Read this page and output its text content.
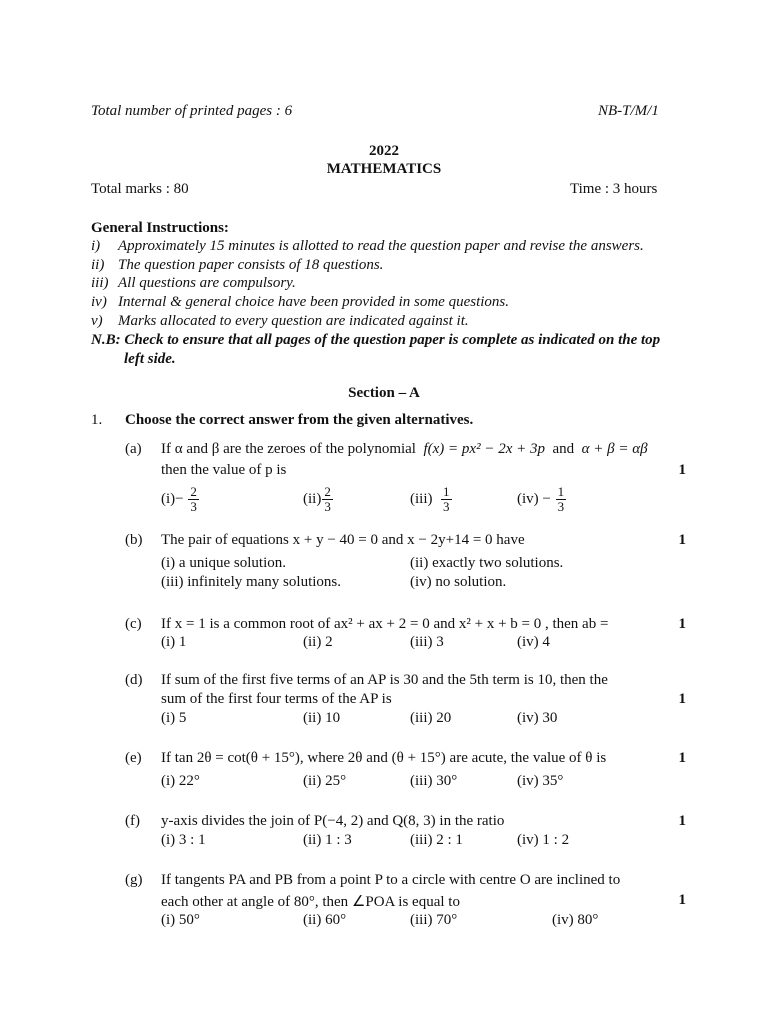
Total number of printed pages : 6	NB-T/M/1
2022
MATHEMATICS
Total marks : 80	Time : 3 hours
General Instructions:
i) Approximately 15 minutes is allotted to read the question paper and revise the answers.
ii) The question paper consists of 18 questions.
iii) All questions are compulsory.
iv) Internal & general choice have been provided in some questions.
v) Marks allocated to every question are indicated against it.
N.B: Check to ensure that all pages of the question paper is complete as indicated on the top
left side.
Section – A
1. Choose the correct answer from the given alternatives.
(a) If α and β are the zeroes of the polynomial f(x) = px² − 2x + 3p and α + β = αβ
then the value of p is	1
$(i)- \frac{2}{3}$	$(ii) \frac{2}{3}$	$(iii) \frac{1}{3}$	$(iv) - \frac{1}{3}$
(b) The pair of equations x + y − 40 = 0 and x − 2y+14 = 0 have	1
(i) a unique solution.	(ii) exactly two solutions.
(iii) infinitely many solutions.	(iv) no solution.
(c) If x = 1 is a common root of ax² + ax + 2 = 0 and x² + x + b = 0 , then ab =	1
(i) 1	(ii) 2	(iii) 3	(iv) 4
(d) If sum of the first five terms of an AP is 30 and the 5th term is 10, then the
sum of the first four terms of the AP is	1
(i) 5	(ii) 10	(iii) 20	(iv) 30
(e) If tan 2θ = cot(θ + 15°), where 2θ and (θ + 15°) are acute, the value of θ is	1
(i) 22°	(ii) 25°	(iii) 30°	(iv) 35°
(f) y-axis divides the join of P(−4, 2) and Q(8, 3) in the ratio	1
(i) 3 : 1	(ii) 1 : 3	(iii) 2 : 1	(iv) 1 : 2
(g) If tangents PA and PB from a point P to a circle with centre O are inclined to
each other at angle of 80°, then ∠POA is equal to	1
(i) 50°	(ii) 60°	(iii) 70°	(iv) 80°
